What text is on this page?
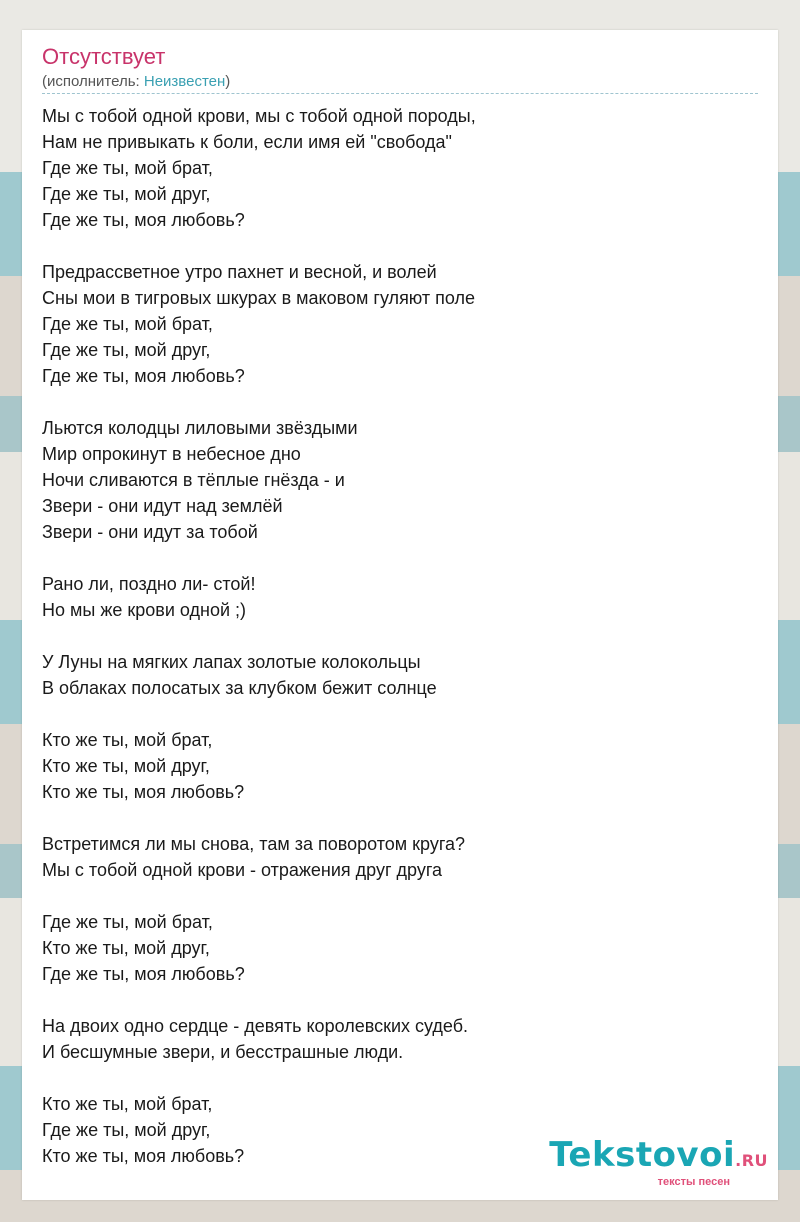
Отсутствует
(исполнитель: Неизвестен)
Мы с тобой одной крови, мы с тобой одной породы,
Нам не привыкать к боли, если имя ей "свобода"
Где же ты, мой брат,
Где же ты, мой друг,
Где же ты, моя любовь?
Предрассветное утро пахнет и весной, и волей
Сны мои в тигровых шкурах в маковом гуляют поле
Где же ты, мой брат,
Где же ты, мой друг,
Где же ты, моя любовь?
Льются колодцы лиловыми звёздыми
Мир опрокинут в небесное дно
Ночи сливаются в тёплые гнёзда - и
Звери - они идут над землёй
Звери - они идут за тобой
Рано ли, поздно ли- стой!
Но мы же крови одной ;)
У Луны на мягких лапах золотые колокольцы
В облаках полосатых за клубком бежит солнце
Кто же ты, мой брат,
Кто же ты, мой друг,
Кто же ты, моя любовь?
Встретимся ли мы снова, там за поворотом круга?
Мы с тобой одной крови - отражения друг друга
Где же ты, мой брат,
Кто же ты, мой друг,
Где же ты, моя любовь?
На двоих одно сердце - девять королевских судеб.
И бесшумные звери, и бесстрашные люди.
Кто же ты, мой брат,
Где же ты, мой друг,
Кто же ты, моя любовь?	Tekstovoi.RU
тексты песен
